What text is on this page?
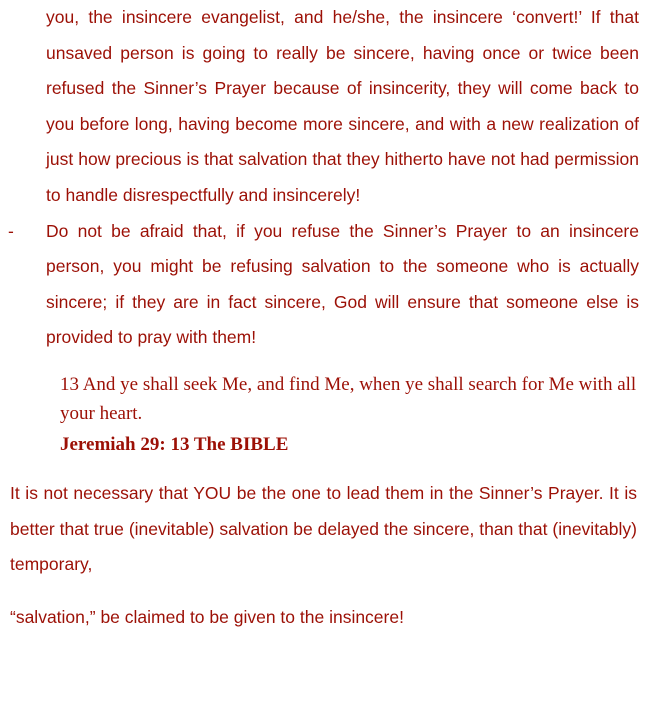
you, the insincere evangelist, and he/she, the insincere ‘convert!’ If that unsaved person is going to really be sincere, having once or twice been refused the Sinner’s Prayer because of insincerity, they will come back to you before long, having become more sincere, and with a new realization of just how precious is that salvation that they hitherto have not had permission to handle disrespectfully and insincerely!

-	Do not be afraid that, if you refuse the Sinner’s Prayer to an insincere person, you might be refusing salvation to the someone who is actually sincere; if they are in fact sincere, God will ensure that someone else is provided to pray with them!

13 And ye shall seek Me, and find Me, when ye shall search for Me with all your heart.
Jeremiah 29: 13 The BIBLE

It is not necessary that YOU be the one to lead them in the Sinner’s Prayer. It is better that true (inevitable) salvation be delayed the sincere, than that (inevitably) temporary,

“salvation,” be claimed to be given to the insincere!
